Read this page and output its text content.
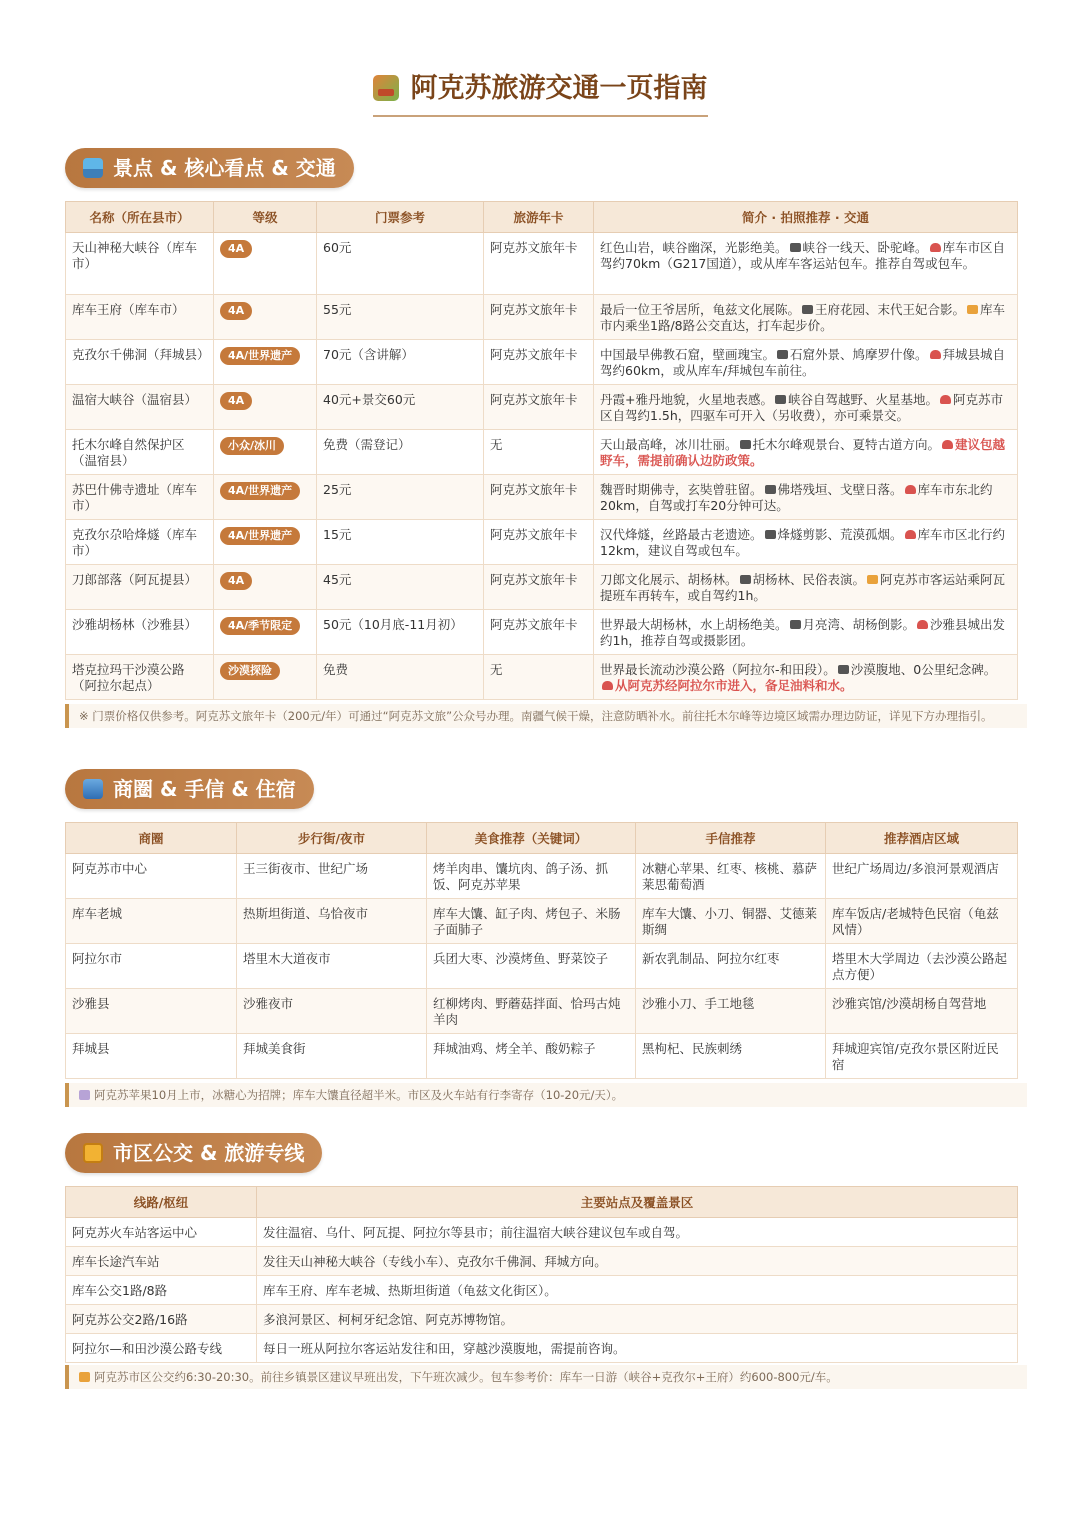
阿克苏旅游交通一页指南
景点 & 核心看点 & 交通
名称（所在县市）	等级	门票参考	旅游年卡	简介 · 拍照推荐 · 交通
天山神秘大峡谷（库车市）	4A	60元	阿克苏文旅年卡	红色山岩，峡谷幽深，光影绝美。 峡谷一线天、卧驼峰。 库车市区自驾约70km（G217国道），或从库车客运站包车。推荐自驾或包车。
库车王府（库车市）	4A	55元	阿克苏文旅年卡	最后一位王爷居所，龟兹文化展陈。 王府花园、末代王妃合影。 库车市内乘坐1路/8路公交直达，打车起步价。
克孜尔千佛洞（拜城县）	4A/世界遗产	70元（含讲解）	阿克苏文旅年卡	中国最早佛教石窟，壁画瑰宝。 石窟外景、鸠摩罗什像。 拜城县城自驾约60km，或从库车/拜城包车前往。
温宿大峡谷（温宿县）	4A	40元+景交60元	阿克苏文旅年卡	丹霞+雅丹地貌，火星地表感。 峡谷自驾越野、火星基地。 阿克苏市区自驾约1.5h，四驱车可开入（另收费），亦可乘景交。
托木尔峰自然保护区（温宿县）	小众/冰川	免费（需登记）	无	天山最高峰，冰川壮丽。 托木尔峰观景台、夏特古道方向。 建议包越野车，需提前确认边防政策。
苏巴什佛寺遗址（库车市）	4A/世界遗产	25元	阿克苏文旅年卡	魏晋时期佛寺，玄奘曾驻留。 佛塔残垣、戈壁日落。 库车市东北约20km，自驾或打车20分钟可达。
克孜尔尕哈烽燧（库车市）	4A/世界遗产	15元	阿克苏文旅年卡	汉代烽燧，丝路最古老遗迹。 烽燧剪影、荒漠孤烟。 库车市区北行约12km，建议自驾或包车。
刀郎部落（阿瓦提县）	4A	45元	阿克苏文旅年卡	刀郎文化展示、胡杨林。 胡杨林、民俗表演。 阿克苏市客运站乘阿瓦提班车再转车，或自驾约1h。
沙雅胡杨林（沙雅县）	4A/季节限定	50元（10月底-11月初）	阿克苏文旅年卡	世界最大胡杨林，水上胡杨绝美。 月亮湾、胡杨倒影。 沙雅县城出发约1h，推荐自驾或摄影团。
塔克拉玛干沙漠公路（阿拉尔起点）	沙漠探险	免费	无	世界最长流动沙漠公路（阿拉尔-和田段）。 沙漠腹地、0公里纪念碑。从阿克苏经阿拉尔市进入，备足油料和水。
※ 门票价格仅供参考。阿克苏文旅年卡（200元/年）可通过“阿克苏文旅”公众号办理。南疆气候干燥，注意防晒补水。前往托木尔峰等边境区域需办理边防证，详见下方办理指引。
商圈 & 手信 & 住宿
商圈	步行街/夜市	美食推荐（关键词）	手信推荐	推荐酒店区域
阿克苏市中心	王三街夜市、世纪广场	烤羊肉串、馕坑肉、鸽子汤、抓饭、阿克苏苹果	冰糖心苹果、红枣、核桃、慕萨莱思葡萄酒	世纪广场周边/多浪河景观酒店
库车老城	热斯坦街道、乌恰夜市	库车大馕、缸子肉、烤包子、米肠子面肺子	库车大馕、小刀、铜器、艾德莱斯绸	库车饭店/老城特色民宿（龟兹风情）
阿拉尔市	塔里木大道夜市	兵团大枣、沙漠烤鱼、野菜饺子	新农乳制品、阿拉尔红枣	塔里木大学周边（去沙漠公路起点方便）
沙雅县	沙雅夜市	红柳烤肉、野蘑菇拌面、恰玛古炖羊肉	沙雅小刀、手工地毯	沙雅宾馆/沙漠胡杨自驾营地
拜城县	拜城美食街	拜城油鸡、烤全羊、酸奶粽子	黑枸杞、民族刺绣	拜城迎宾馆/克孜尔景区附近民宿
阿克苏苹果10月上市，冰糖心为招牌；库车大馕直径超半米。市区及火车站有行李寄存（10-20元/天）。
市区公交 & 旅游专线
线路/枢纽	主要站点及覆盖景区
阿克苏火车站客运中心	发往温宿、乌什、阿瓦提、阿拉尔等县市；前往温宿大峡谷建议包车或自驾。
库车长途汽车站	发往天山神秘大峡谷（专线小车）、克孜尔千佛洞、拜城方向。
库车公交1路/8路	库车王府、库车老城、热斯坦街道（龟兹文化街区）。
阿克苏公交2路/16路	多浪河景区、柯柯牙纪念馆、阿克苏博物馆。
阿拉尔—和田沙漠公路专线	每日一班从阿拉尔客运站发往和田，穿越沙漠腹地，需提前咨询。
阿克苏市区公交约6:30-20:30。前往乡镇景区建议早班出发，下午班次减少。包车参考价：库车一日游（峡谷+克孜尔+王府）约600-800元/车。
